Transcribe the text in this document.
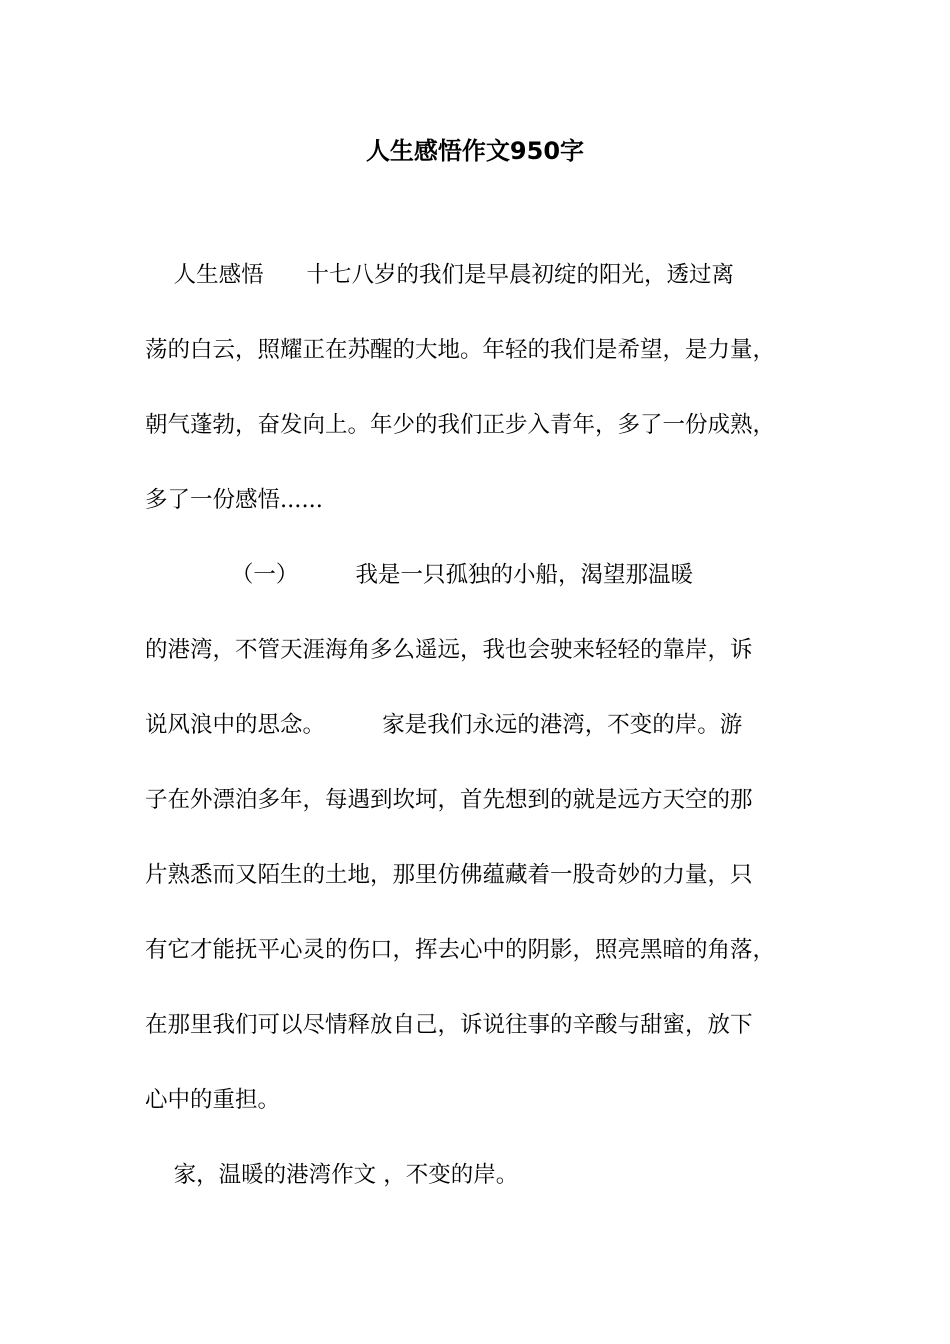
人生感悟作文950字
人生感悟      十七八岁的我们是早晨初绽的阳光，透过离
荡的白云，照耀正在苏醒的大地。年轻的我们是希望，是力量，
朝气蓬勃，奋发向上。年少的我们正步入青年，多了一份成熟，
多了一份感悟......
（一）        我是一只孤独的小船，渴望那温暖
的港湾，不管天涯海角多么遥远，我也会驶来轻轻的靠岸，诉
说风浪中的思念。        家是我们永远的港湾，不变的岸。游
子在外漂泊多年，每遇到坎坷，首先想到的就是远方天空的那
片熟悉而又陌生的土地，那里仿佛蕴藏着一股奇妙的力量，只
有它才能抚平心灵的伤口，挥去心中的阴影，照亮黑暗的角落，
在那里我们可以尽情释放自己，诉说往事的辛酸与甜蜜，放下
心中的重担。
家，温暖的港湾作文 ，不变的岸。
